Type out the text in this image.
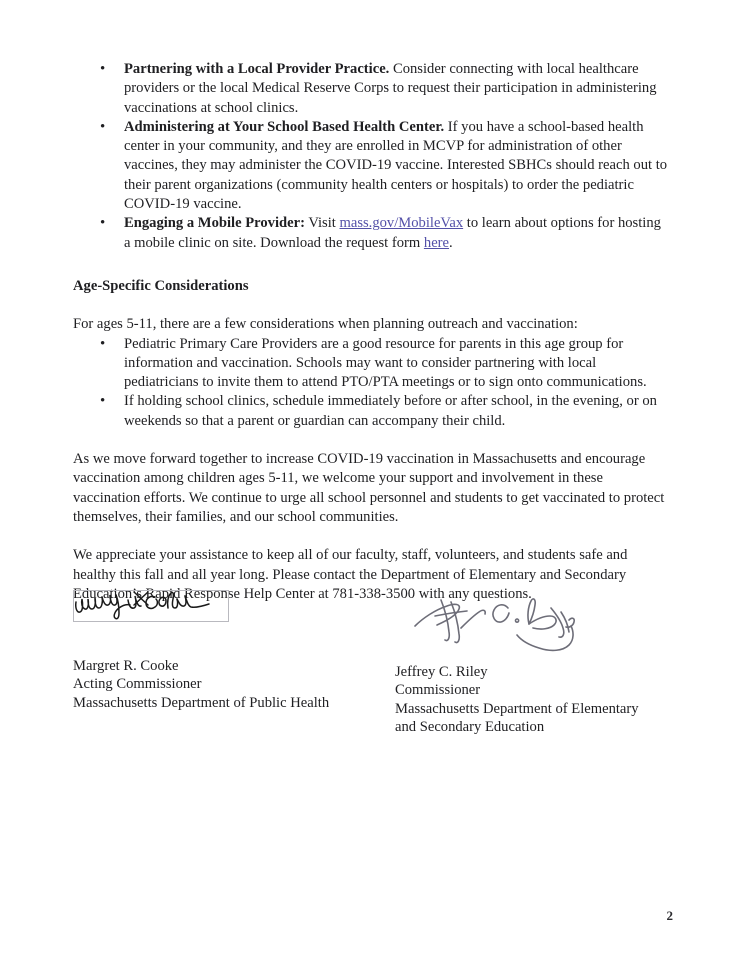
•	Partnering with a Local Provider Practice. Consider connecting with local healthcare providers or the local Medical Reserve Corps to request their participation in administering vaccinations at school clinics.
•	Administering at Your School Based Health Center. If you have a school-based health center in your community, and they are enrolled in MCVP for administration of other vaccines, they may administer the COVID-19 vaccine. Interested SBHCs should reach out to their parent organizations (community health centers or hospitals) to order the pediatric COVID-19 vaccine.
•	Engaging a Mobile Provider: Visit mass.gov/MobileVax to learn about options for hosting a mobile clinic on site. Download the request form here.
Age-Specific Considerations

For ages 5-11, there are a few considerations when planning outreach and vaccination:

•	Pediatric Primary Care Providers are a good resource for parents in this age group for information and vaccination. Schools may want to consider partnering with local pediatricians to invite them to attend PTO/PTA meetings or to sign onto communications.
•	If holding school clinics, schedule immediately before or after school, in the evening, or on weekends so that a parent or guardian can accompany their child.

As we move forward together to increase COVID-19 vaccination in Massachusetts and encourage vaccination among children ages 5-11, we welcome your support and involvement in these vaccination efforts. We continue to urge all school personnel and students to get vaccinated to protect themselves, their families, and our school communities.

We appreciate your assistance to keep all of our faculty, staff, volunteers, and students safe and healthy this fall and all year long. Please contact the Department of Elementary and Secondary Education’s Rapid Response Help Center at 781-338-3500 with any questions.

Margret R. Cooke
Acting Commissioner
Massachusetts Department of Public Health
Jeffrey C. Riley
Commissioner
Massachusetts Department of Elementary
and Secondary Education
2
